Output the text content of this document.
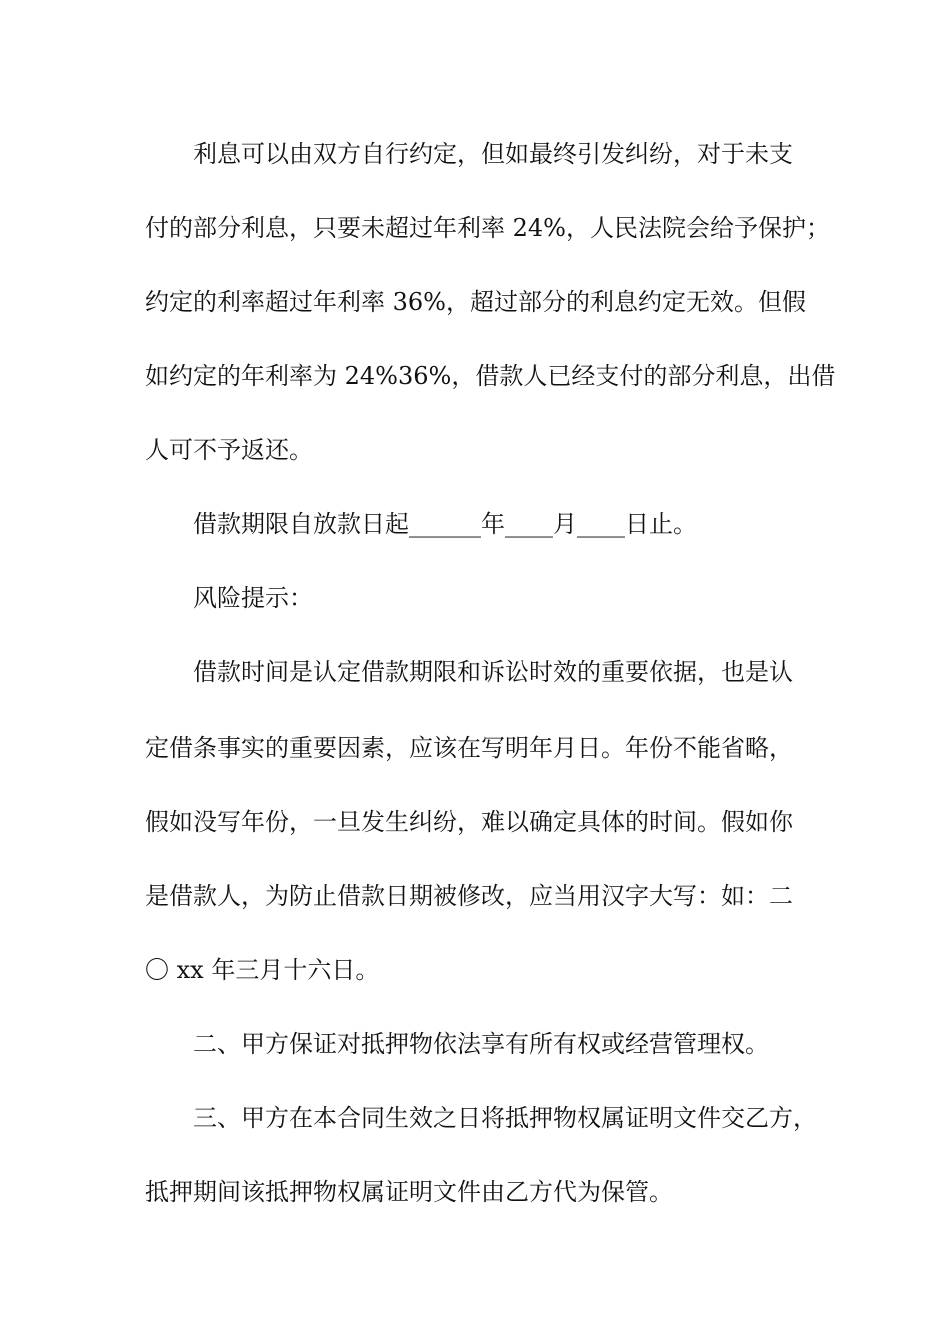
利息可以由双方自行约定，但如最终引发纠纷，对于未支
付的部分利息，只要未超过年利率 24%，人民法院会给予保护；
约定的利率超过年利率 36%，超过部分的利息约定无效。但假
如约定的年利率为 24%36%，借款人已经支付的部分利息，出借
人可不予返还。
借款期限自放款日起______年____月____日止。
风险提示：
借款时间是认定借款期限和诉讼时效的重要依据，也是认
定借条事实的重要因素，应该在写明年月日。年份不能省略，
假如没写年份，一旦发生纠纷，难以确定具体的时间。假如你
是借款人，为防止借款日期被修改，应当用汉字大写：如：二
〇 xx 年三月十六日。
二、甲方保证对抵押物依法享有所有权或经营管理权。
三、甲方在本合同生效之日将抵押物权属证明文件交乙方，
抵押期间该抵押物权属证明文件由乙方代为保管。
